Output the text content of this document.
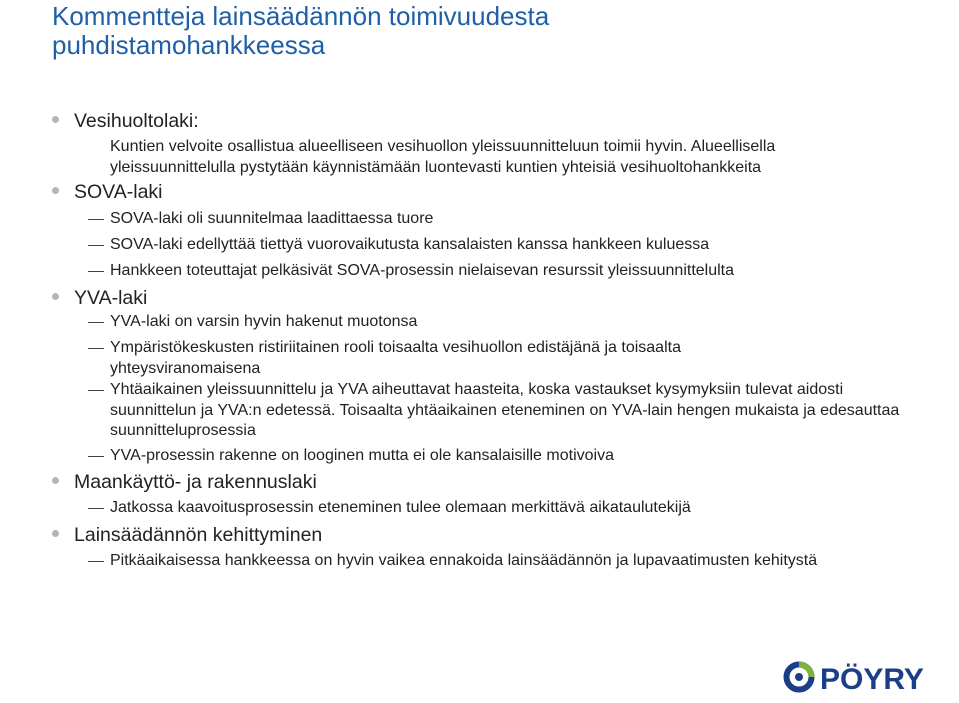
Kommentteja lainsäädännön toimivuudesta
puhdistamohankkeessa
Vesihuoltolaki:
Kuntien velvoite osallistua alueelliseen vesihuollon yleissuunnitteluun toimii hyvin. Alueellisella yleissuunnittelulla pystytään käynnistämään luontevasti kuntien yhteisiä vesihuoltohankkeita
SOVA-laki
SOVA-laki oli suunnitelmaa laadittaessa tuore
SOVA-laki edellyttää tiettyä vuorovaikutusta kansalaisten kanssa hankkeen kuluessa
Hankkeen toteuttajat pelkäsivät SOVA-prosessin nielaisevan resurssit yleissuunnittelulta
YVA-laki
YVA-laki on varsin hyvin hakenut muotonsa
Ympäristökeskusten ristiriitainen rooli toisaalta vesihuollon edistäjänä ja toisaalta yhteysviranomaisena
Yhtäaikainen yleissuunnittelu ja YVA aiheuttavat haasteita, koska vastaukset kysymyksiin tulevat aidosti suunnittelun ja YVA:n edetessä. Toisaalta yhtäaikainen eteneminen on YVA-lain hengen mukaista ja edesauttaa suunnitteluprosessia
YVA-prosessin rakenne on looginen mutta ei ole kansalaisille motivoiva
Maankäyttö- ja rakennuslaki
Jatkossa kaavoitusprosessin eteneminen tulee olemaan merkittävä aikataulutekijä
Lainsäädännön kehittyminen
Pitkäaikaisessa hankkeessa on hyvin vaikea ennakoida lainsäädännön ja lupavaatimusten kehitystä
PÖYRY
